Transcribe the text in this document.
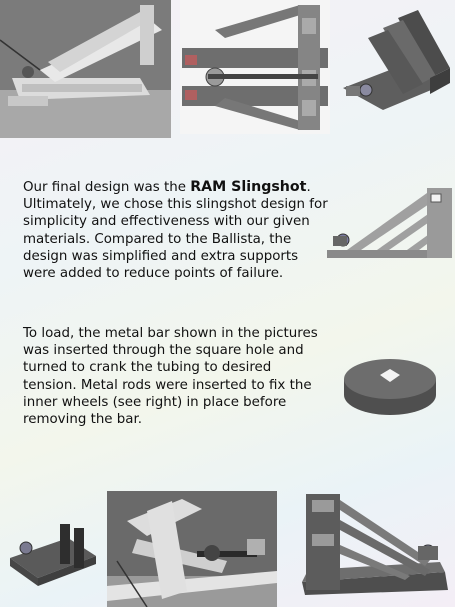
Our final design was the RAM Slingshot. Ultimately, we chose this slingshot design for simplicity and effectiveness with our given materials. Compared to the Ballista, the design was simplified and extra supports were added to reduce points of failure.

To load, the metal bar shown in the pictures was inserted through the square hole and turned to crank the tubing to desired tension. Metal rods were inserted to fix the inner wheels (see right) in place before removing the bar.
